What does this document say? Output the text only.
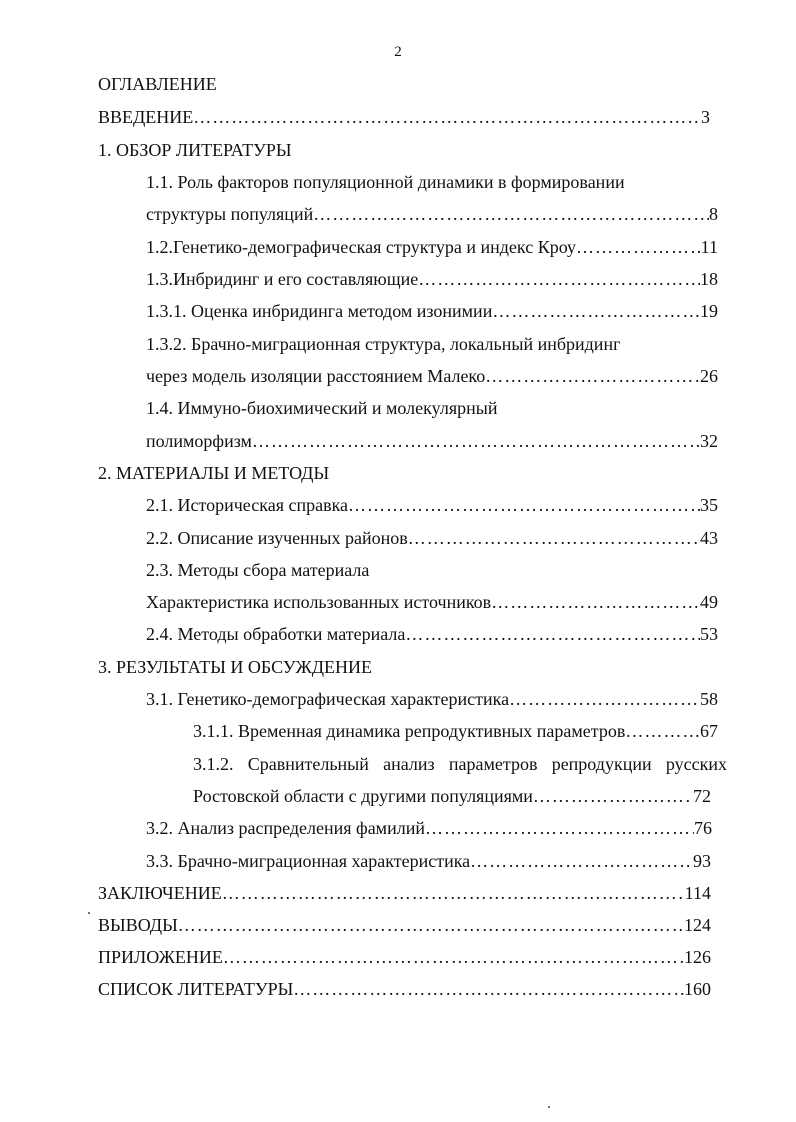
2
ОГЛАВЛЕНИЕ
ВВЕДЕНИЕ …………………………………………………………………………………………………………………………………………………………………………………	3
1. ОБЗОР ЛИТЕРАТУРЫ
1.1. Роль факторов популяционной динамики в формировании
структуры популяций …………………………………………………………………………………………………………………………………………………………………………………	8
1.2.Генетико-демографическая структура и индекс Кроу …………………………………………………………………………………………………………………………………………………………………………………	11
1.3.Инбридинг и его составляющие …………………………………………………………………………………………………………………………………………………………………………………	18
1.3.1. Оценка инбридинга методом изонимии …………………………………………………………………………………………………………………………………………………………………………………	19
1.3.2. Брачно-миграционная структура, локальный инбридинг
через модель изоляции расстоянием Малеко …………………………………………………………………………………………………………………………………………………………………………………	26
1.4. Иммуно-биохимический и молекулярный
полиморфизм …………………………………………………………………………………………………………………………………………………………………………………	32
2. МАТЕРИАЛЫ И МЕТОДЫ
2.1. Историческая справка …………………………………………………………………………………………………………………………………………………………………………………	35
2.2. Описание изученных районов …………………………………………………………………………………………………………………………………………………………………………………	43
2.3. Методы сбора материала
Характеристика использованных источников …………………………………………………………………………………………………………………………………………………………………………………	49
2.4. Методы обработки материала …………………………………………………………………………………………………………………………………………………………………………………	53
3. РЕЗУЛЬТАТЫ И ОБСУЖДЕНИЕ
3.1. Генетико-демографическая характеристика …………………………………………………………………………………………………………………………………………………………………………………	58
3.1.1. Временная динамика репродуктивных параметров …………………………………………………………………………………………………………………………………………………………………………………	67
3.1.2. Сравнительный анализ параметров репродукции русских
Ростовской области с другими популяциями …………………………………………………………………………………………………………………………………………………………………………………	72
3.2. Анализ распределения фамилий …………………………………………………………………………………………………………………………………………………………………………………	76
3.3. Брачно-миграционная характеристика …………………………………………………………………………………………………………………………………………………………………………………	93
ЗАКЛЮЧЕНИЕ …………………………………………………………………………………………………………………………………………………………………………………	114
ВЫВОДЫ …………………………………………………………………………………………………………………………………………………………………………………	124
ПРИЛОЖЕНИЕ …………………………………………………………………………………………………………………………………………………………………………………	126
СПИСОК ЛИТЕРАТУРЫ …………………………………………………………………………………………………………………………………………………………………………………	160
